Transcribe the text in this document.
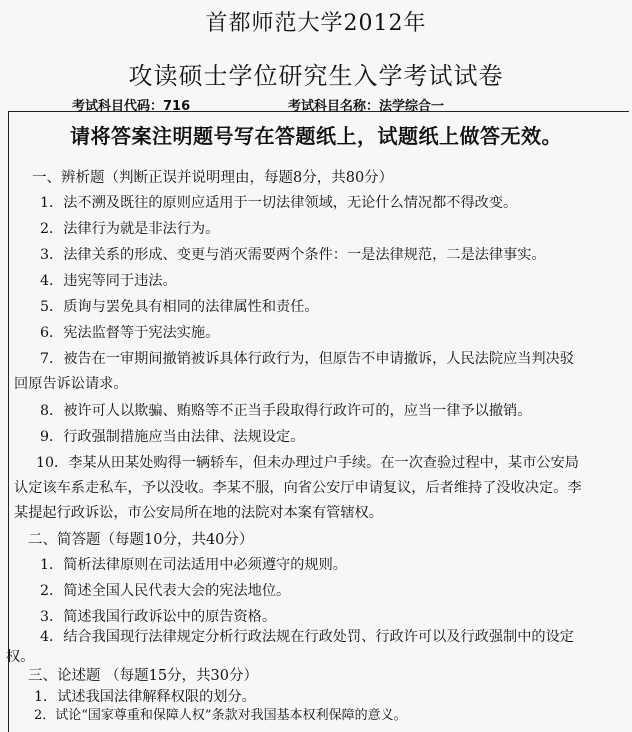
首都师范大学2012年
攻读硕士学位研究生入学考试试卷
考试科目代码：716	考试科目名称：法学综合一
请将答案注明题号写在答题纸上，试题纸上做答无效。
一、辨析题（判断正误并说明理由，每题8分，共80分）
1．法不溯及既往的原则应适用于一切法律领域，无论什么情况都不得改变。
2．法律行为就是非法行为。
3．法律关系的形成、变更与消灭需要两个条件：一是法律规范，二是法律事实。
4．违宪等同于违法。
5．质询与罢免具有相同的法律属性和责任。
6．宪法监督等于宪法实施。
7．被告在一审期间撤销被诉具体行政行为，但原告不申请撤诉，人民法院应当判决驳
回原告诉讼请求。
8．被许可人以欺骗、贿赂等不正当手段取得行政许可的，应当一律予以撤销。
9．行政强制措施应当由法律、法规设定。
10．李某从田某处购得一辆轿车，但未办理过户手续。在一次查验过程中，某市公安局
认定该车系走私车，予以没收。李某不服，向省公安厅申请复议，后者维持了没收决定。李
某提起行政诉讼，市公安局所在地的法院对本案有管辖权。
二、简答题（每题10分，共40分）
1．简析法律原则在司法适用中必须遵守的规则。
2．简述全国人民代表大会的宪法地位。
3．简述我国行政诉讼中的原告资格。
4．结合我国现行法律规定分析行政法规在行政处罚、行政许可以及行政强制中的设定
权。
三、论述题 （每题15分，共30分）
1．试述我国法律解释权限的划分。
2．试论“国家尊重和保障人权”条款对我国基本权利保障的意义。
